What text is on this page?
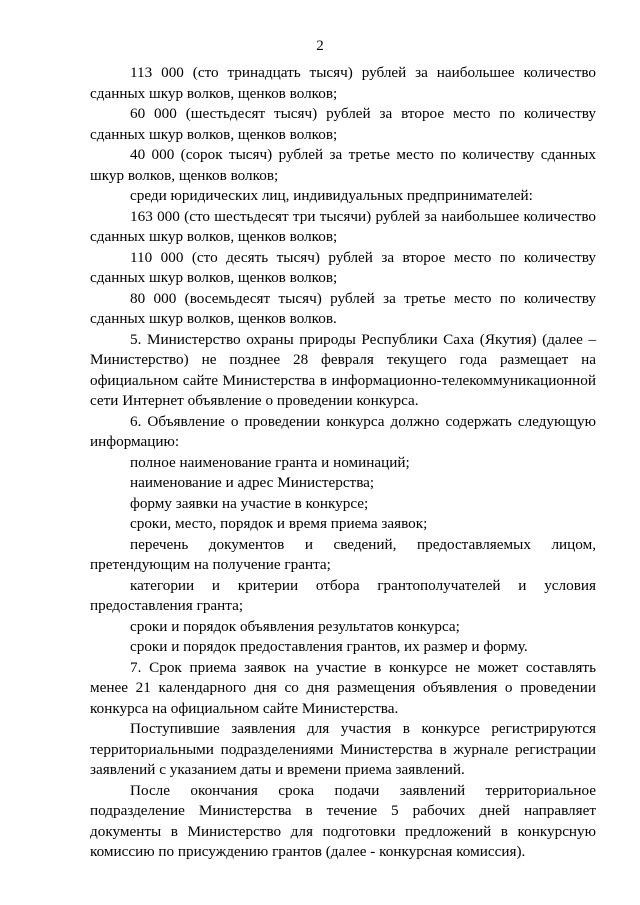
2

113 000 (сто тринадцать тысяч) рублей за наибольшее количество сданных шкур волков, щенков волков;

60 000 (шестьдесят тысяч) рублей за второе место по количеству сданных шкур волков, щенков волков;

40 000 (сорок тысяч) рублей за третье место по количеству сданных шкур волков, щенков волков;

среди юридических лиц, индивидуальных предпринимателей:

163 000 (сто шестьдесят три тысячи) рублей за наибольшее количество сданных шкур волков, щенков волков;

110 000 (сто десять тысяч) рублей за второе место по количеству сданных шкур волков, щенков волков;

80 000 (восемьдесят тысяч) рублей за третье место по количеству сданных шкур волков, щенков волков.

5. Министерство охраны природы Республики Саха (Якутия) (далее – Министерство) не позднее 28 февраля текущего года размещает на официальном сайте Министерства в информационно-телекоммуникационной сети Интернет объявление о проведении конкурса.

6. Объявление о проведении конкурса должно содержать следующую информацию:

полное наименование гранта и номинаций;

наименование и адрес Министерства;

форму заявки на участие в конкурсе;

сроки, место, порядок и время приема заявок;

перечень документов и сведений, предоставляемых лицом, претендующим на получение гранта;

категории и критерии отбора грантополучателей и условия предоставления гранта;

сроки и порядок объявления результатов конкурса;

сроки и порядок предоставления грантов, их размер и форму.

7. Срок приема заявок на участие в конкурсе не может составлять менее 21 календарного дня со дня размещения объявления о проведении конкурса на официальном сайте Министерства.

Поступившие заявления для участия в конкурсе регистрируются территориальными подразделениями Министерства в журнале регистрации заявлений с указанием даты и времени приема заявлений.

После окончания срока подачи заявлений территориальное подразделение Министерства в течение 5 рабочих дней направляет документы в Министерство для подготовки предложений в конкурсную комиссию по присуждению грантов (далее - конкурсная комиссия).
